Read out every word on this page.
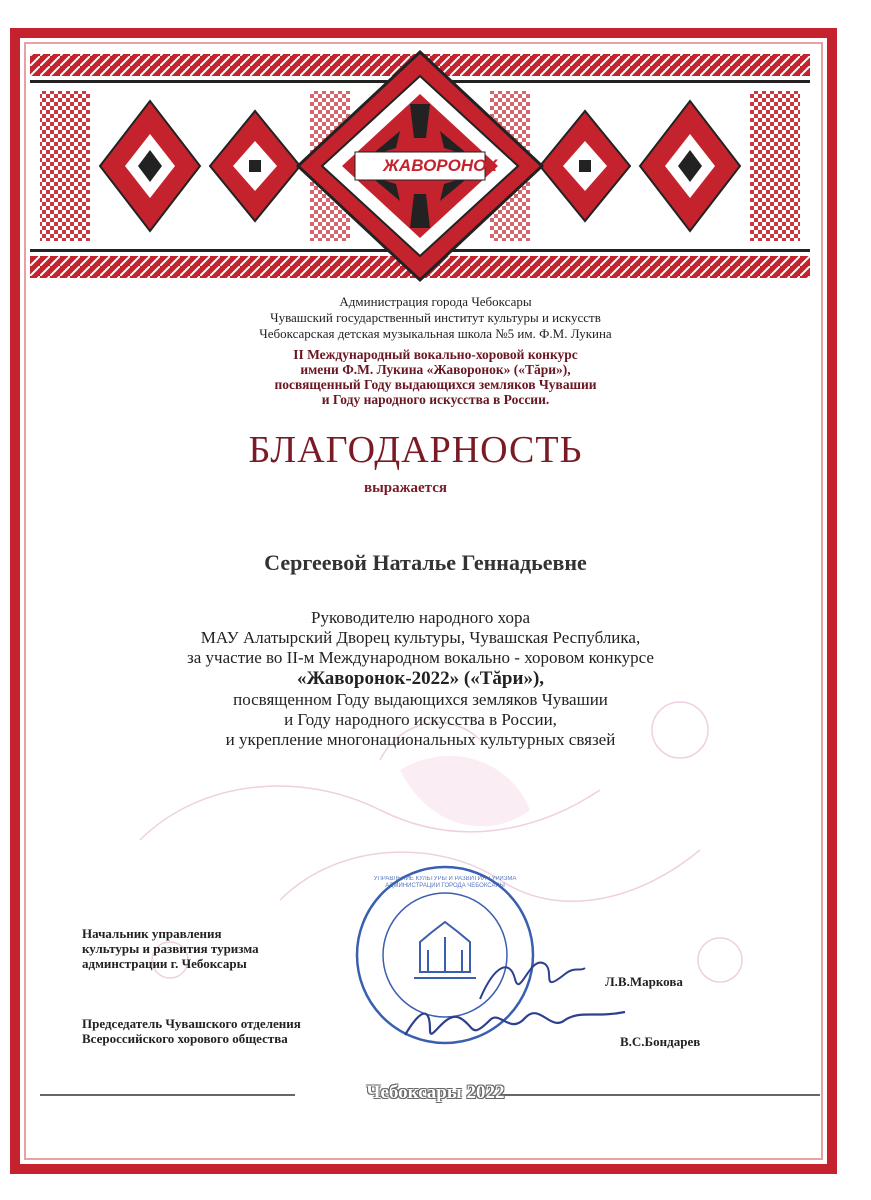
ЖАВОРОНОК
Администрация города Чебоксары
Чувашский государственный институт культуры и искусств
Чебоксарская детская музыкальная школа №5 им. Ф.М. Лукина
II Международный вокально-хоровой конкурс
имени Ф.М. Лукина «Жаворонок» («Тăри»),
посвященный Году выдающихся земляков Чувашии
и Году народного искусства в России.
БЛАГОДАРНОСТЬ
выражается
Сергеевой Наталье Геннадьевне
Руководителю народного хора
МАУ Алатырский Дворец культуры, Чувашская Республика,
за участие во II-м Международном вокально - хоровом конкурсе
«Жаворонок-2022» («Тăри»),
посвященном Году выдающихся земляков Чувашии
и Году народного искусства в России,
и укрепление многонациональных культурных связей
УПРАВЛЕНИЕ КУЛЬТУРЫ И РАЗВИТИЯ ТУРИЗМА АДМИНИСТРАЦИИ ГОРОДА ЧЕБОКСАРЫ
Начальник управления
культуры и развития туризма
админстрации г. Чебоксары
Л.В.Маркова
Председатель Чувашского отделения
Всероссийского хорового общества	В.С.Бондарев
Чебоксары 2022
